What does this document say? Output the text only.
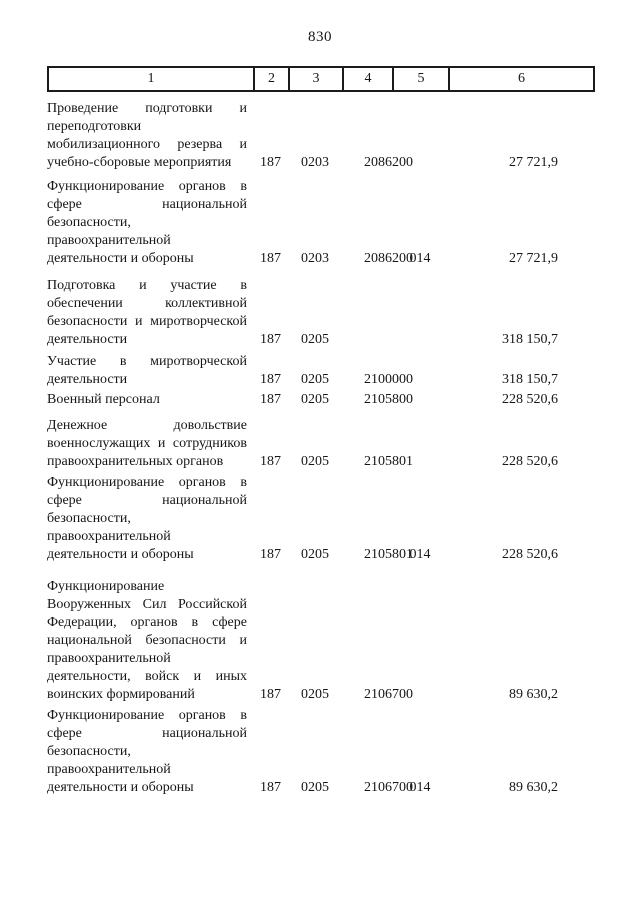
830
1	2	3	4	5	6
Проведение подготовки и
переподготовки
мобилизационного резерва и
учебно-сборовые мероприятия	187	0203	2086200		27 721,9

Функционирование органов в
сфере	национальной
безопасности,
правоохранительной
деятельности и обороны	187	0203	2086200	014	27 721,9

Подготовка и участие в
обеспечении	коллективной
безопасности и миротворческой
деятельности	187	0205			318 150,7

Участие в миротворческой
деятельности	187	0205	2100000		318 150,7

Военный персонал	187	0205	2105800		228 520,6

Денежное	довольствие
военнослужащих и сотрудников
правоохранительных органов	187	0205	2105801		228 520,6

Функционирование органов в
сфере	национальной
безопасности,
правоохранительной
деятельности и обороны	187	0205	2105801	014	228 520,6

Функционирование
Вооруженных Сил Российской
Федерации, органов в сфере
национальной безопасности и
правоохранительной
деятельности, войск и иных
воинских формирований	187	0205	2106700		89 630,2

Функционирование органов в
сфере	национальной
безопасности,
правоохранительной
деятельности и обороны	187	0205	2106700	014	89 630,2
